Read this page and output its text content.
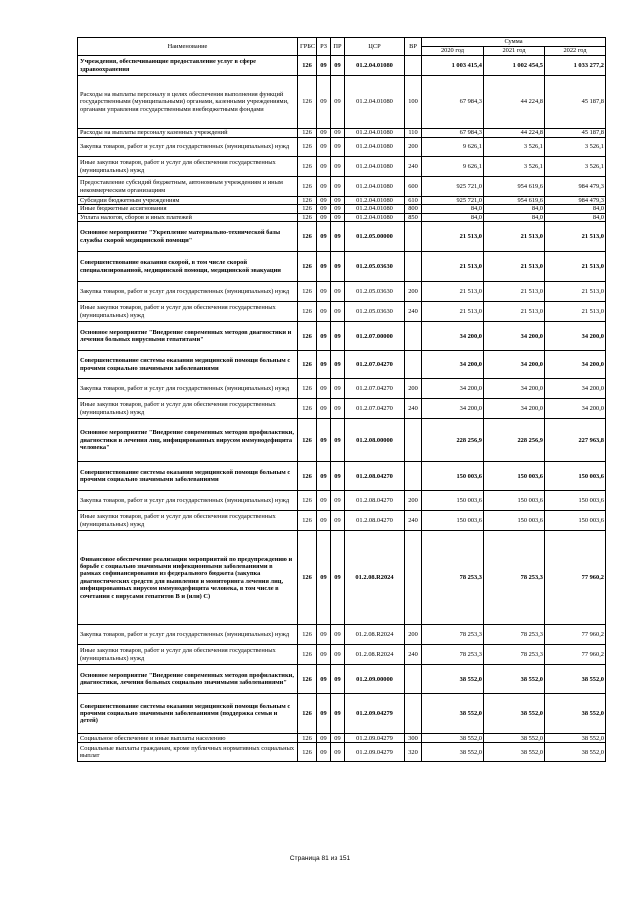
Наименование	ГРБС	РЗ	ПР	ЦСР	ВР	Сумма		
						2020 год	2021 год	2022 год
Учреждения, обеспечивающие предоставление услуг в сфере здравоохранения	126	09	09	01.2.04.01080		1 003 415,4	1 002 454,5	1 033 277,2
Расходы на выплаты персоналу в целях обеспечения выполнения функций государственными (муниципальными) органами, казенными учреждениями, органами управления государственными внебюджетными фондами	126	09	09	01.2.04.01080	100	67 984,3	44 224,8	45 187,8
Расходы на выплаты персоналу казенных учреждений	126	09	09	01.2.04.01080	110	67 984,3	44 224,8	45 187,8
Закупка товаров, работ и услуг для государственных (муниципальных) нужд	126	09	09	01.2.04.01080	200	9 626,1	3 526,1	3 526,1
Иные закупки товаров, работ и услуг для обеспечения государственных (муниципальных) нужд	126	09	09	01.2.04.01080	240	9 626,1	3 526,1	3 526,1
Предоставление субсидий бюджетным, автономным учреждениям и иным некоммерческим организациям	126	09	09	01.2.04.01080	600	925 721,0	954 619,6	984 479,3
Субсидии бюджетным учреждениям	126	09	09	01.2.04.01080	610	925 721,0	954 619,6	984 479,3
Иные бюджетные ассигнования	126	09	09	01.2.04.01080	800	84,0	84,0	84,0
Уплата налогов, сборов и иных платежей	126	09	09	01.2.04.01080	850	84,0	84,0	84,0
Основное мероприятие "Укрепление материально-технической базы службы скорой медицинской помощи"	126	09	09	01.2.05.00000		21 513,0	21 513,0	21 513,0
Совершенствование оказания скорой, в том числе скорой специализированной, медицинской помощи, медицинской эвакуации	126	09	09	01.2.05.03630		21 513,0	21 513,0	21 513,0
Закупка товаров, работ и услуг для государственных (муниципальных) нужд	126	09	09	01.2.05.03630	200	21 513,0	21 513,0	21 513,0
Иные закупки товаров, работ и услуг для обеспечения государственных (муниципальных) нужд	126	09	09	01.2.05.03630	240	21 513,0	21 513,0	21 513,0
Основное мероприятие "Внедрение современных методов диагностики и лечения больных вирусными гепатитами"	126	09	09	01.2.07.00000		34 200,0	34 200,0	34 200,0
Совершенствование системы оказания медицинской помощи больным с прочими социально значимыми заболеваниями	126	09	09	01.2.07.04270		34 200,0	34 200,0	34 200,0
Закупка товаров, работ и услуг для государственных (муниципальных) нужд	126	09	09	01.2.07.04270	200	34 200,0	34 200,0	34 200,0
Иные закупки товаров, работ и услуг для обеспечения государственных (муниципальных) нужд	126	09	09	01.2.07.04270	240	34 200,0	34 200,0	34 200,0
Основное мероприятие "Внедрение современных методов профилактики, диагностики и лечения лиц, инфицированных вирусом иммунодефицита человека"	126	09	09	01.2.08.00000		228 256,9	228 256,9	227 963,8
Совершенствование системы оказания медицинской помощи больным с прочими социально значимыми заболеваниями	126	09	09	01.2.08.04270		150 003,6	150 003,6	150 003,6
Закупка товаров, работ и услуг для государственных (муниципальных) нужд	126	09	09	01.2.08.04270	200	150 003,6	150 003,6	150 003,6
Иные закупки товаров, работ и услуг для обеспечения государственных (муниципальных) нужд	126	09	09	01.2.08.04270	240	150 003,6	150 003,6	150 003,6
Финансовое обеспечение реализации мероприятий по предупреждению и борьбе с социально значимыми инфекционными заболеваниями в рамках софинансирования из федерального бюджета (закупка диагностических средств для выявления и мониторинга лечения лиц, инфицированных вирусом иммунодефицита человека, в том числе в сочетании с вирусами гепатитов В и (или) С)	126	09	09	01.2.08.R2024		78 253,3	78 253,3	77 960,2
Закупка товаров, работ и услуг для государственных (муниципальных) нужд	126	09	09	01.2.08.R2024	200	78 253,3	78 253,3	77 960,2
Иные закупки товаров, работ и услуг для обеспечения государственных (муниципальных) нужд	126	09	09	01.2.08.R2024	240	78 253,3	78 253,3	77 960,2
Основное мероприятие "Внедрение современных методов профилактики, диагностики, лечения больных социально значимыми заболеваниями"	126	09	09	01.2.09.00000		38 552,0	38 552,0	38 552,0
Совершенствование системы оказания медицинской помощи больным с прочими социально значимыми заболеваниями (поддержка семьи и детей)	126	09	09	01.2.09.04279		38 552,0	38 552,0	38 552,0
Социальное обеспечение и иные выплаты населению	126	09	09	01.2.09.04279	300	38 552,0	38 552,0	38 552,0
Социальные выплаты гражданам, кроме публичных нормативных социальных выплат	126	09	09	01.2.09.04279	320	38 552,0	38 552,0	38 552,0
Страница 81 из 151
